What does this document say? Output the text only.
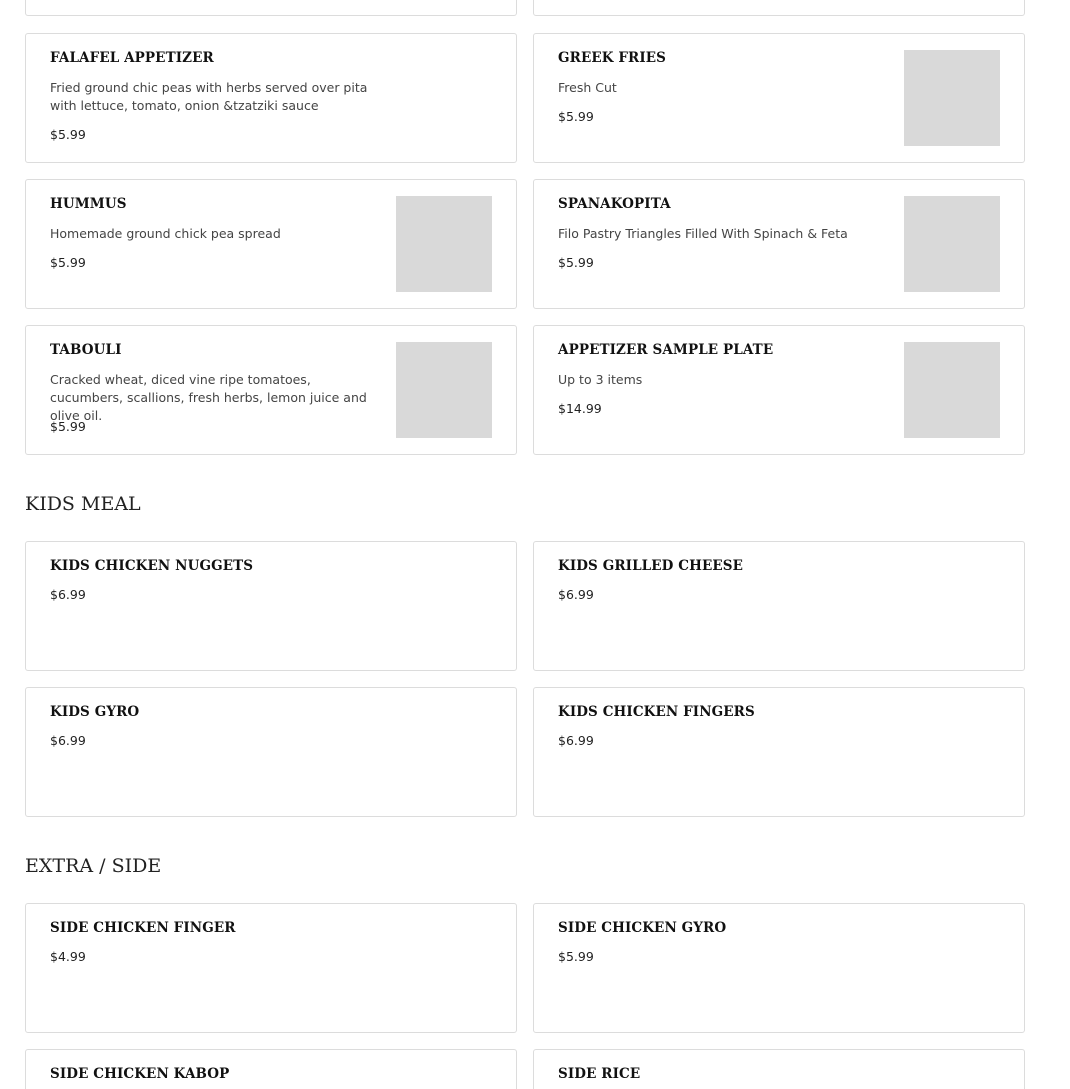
FALAFEL APPETIZER
Fried ground chic peas with herbs served over pita with lettuce, tomato, onion &tzatziki sauce
$5.99
GREEK FRIES
Fresh Cut
$5.99
HUMMUS
Homemade ground chick pea spread
$5.99
SPANAKOPITA
Filo Pastry Triangles Filled With Spinach & Feta
$5.99
TABOULI
Cracked wheat, diced vine ripe tomatoes, cucumbers, scallions, fresh herbs, lemon juice and olive oil.
$5.99
APPETIZER SAMPLE PLATE
Up to 3 items
$14.99
KIDS MEAL
KIDS CHICKEN NUGGETS
$6.99
KIDS GRILLED CHEESE
$6.99
KIDS GYRO
$6.99
KIDS CHICKEN FINGERS
$6.99
EXTRA / SIDE
SIDE CHICKEN FINGER
$4.99
SIDE CHICKEN GYRO
$5.99
SIDE CHICKEN KABOP	SIDE RICE
